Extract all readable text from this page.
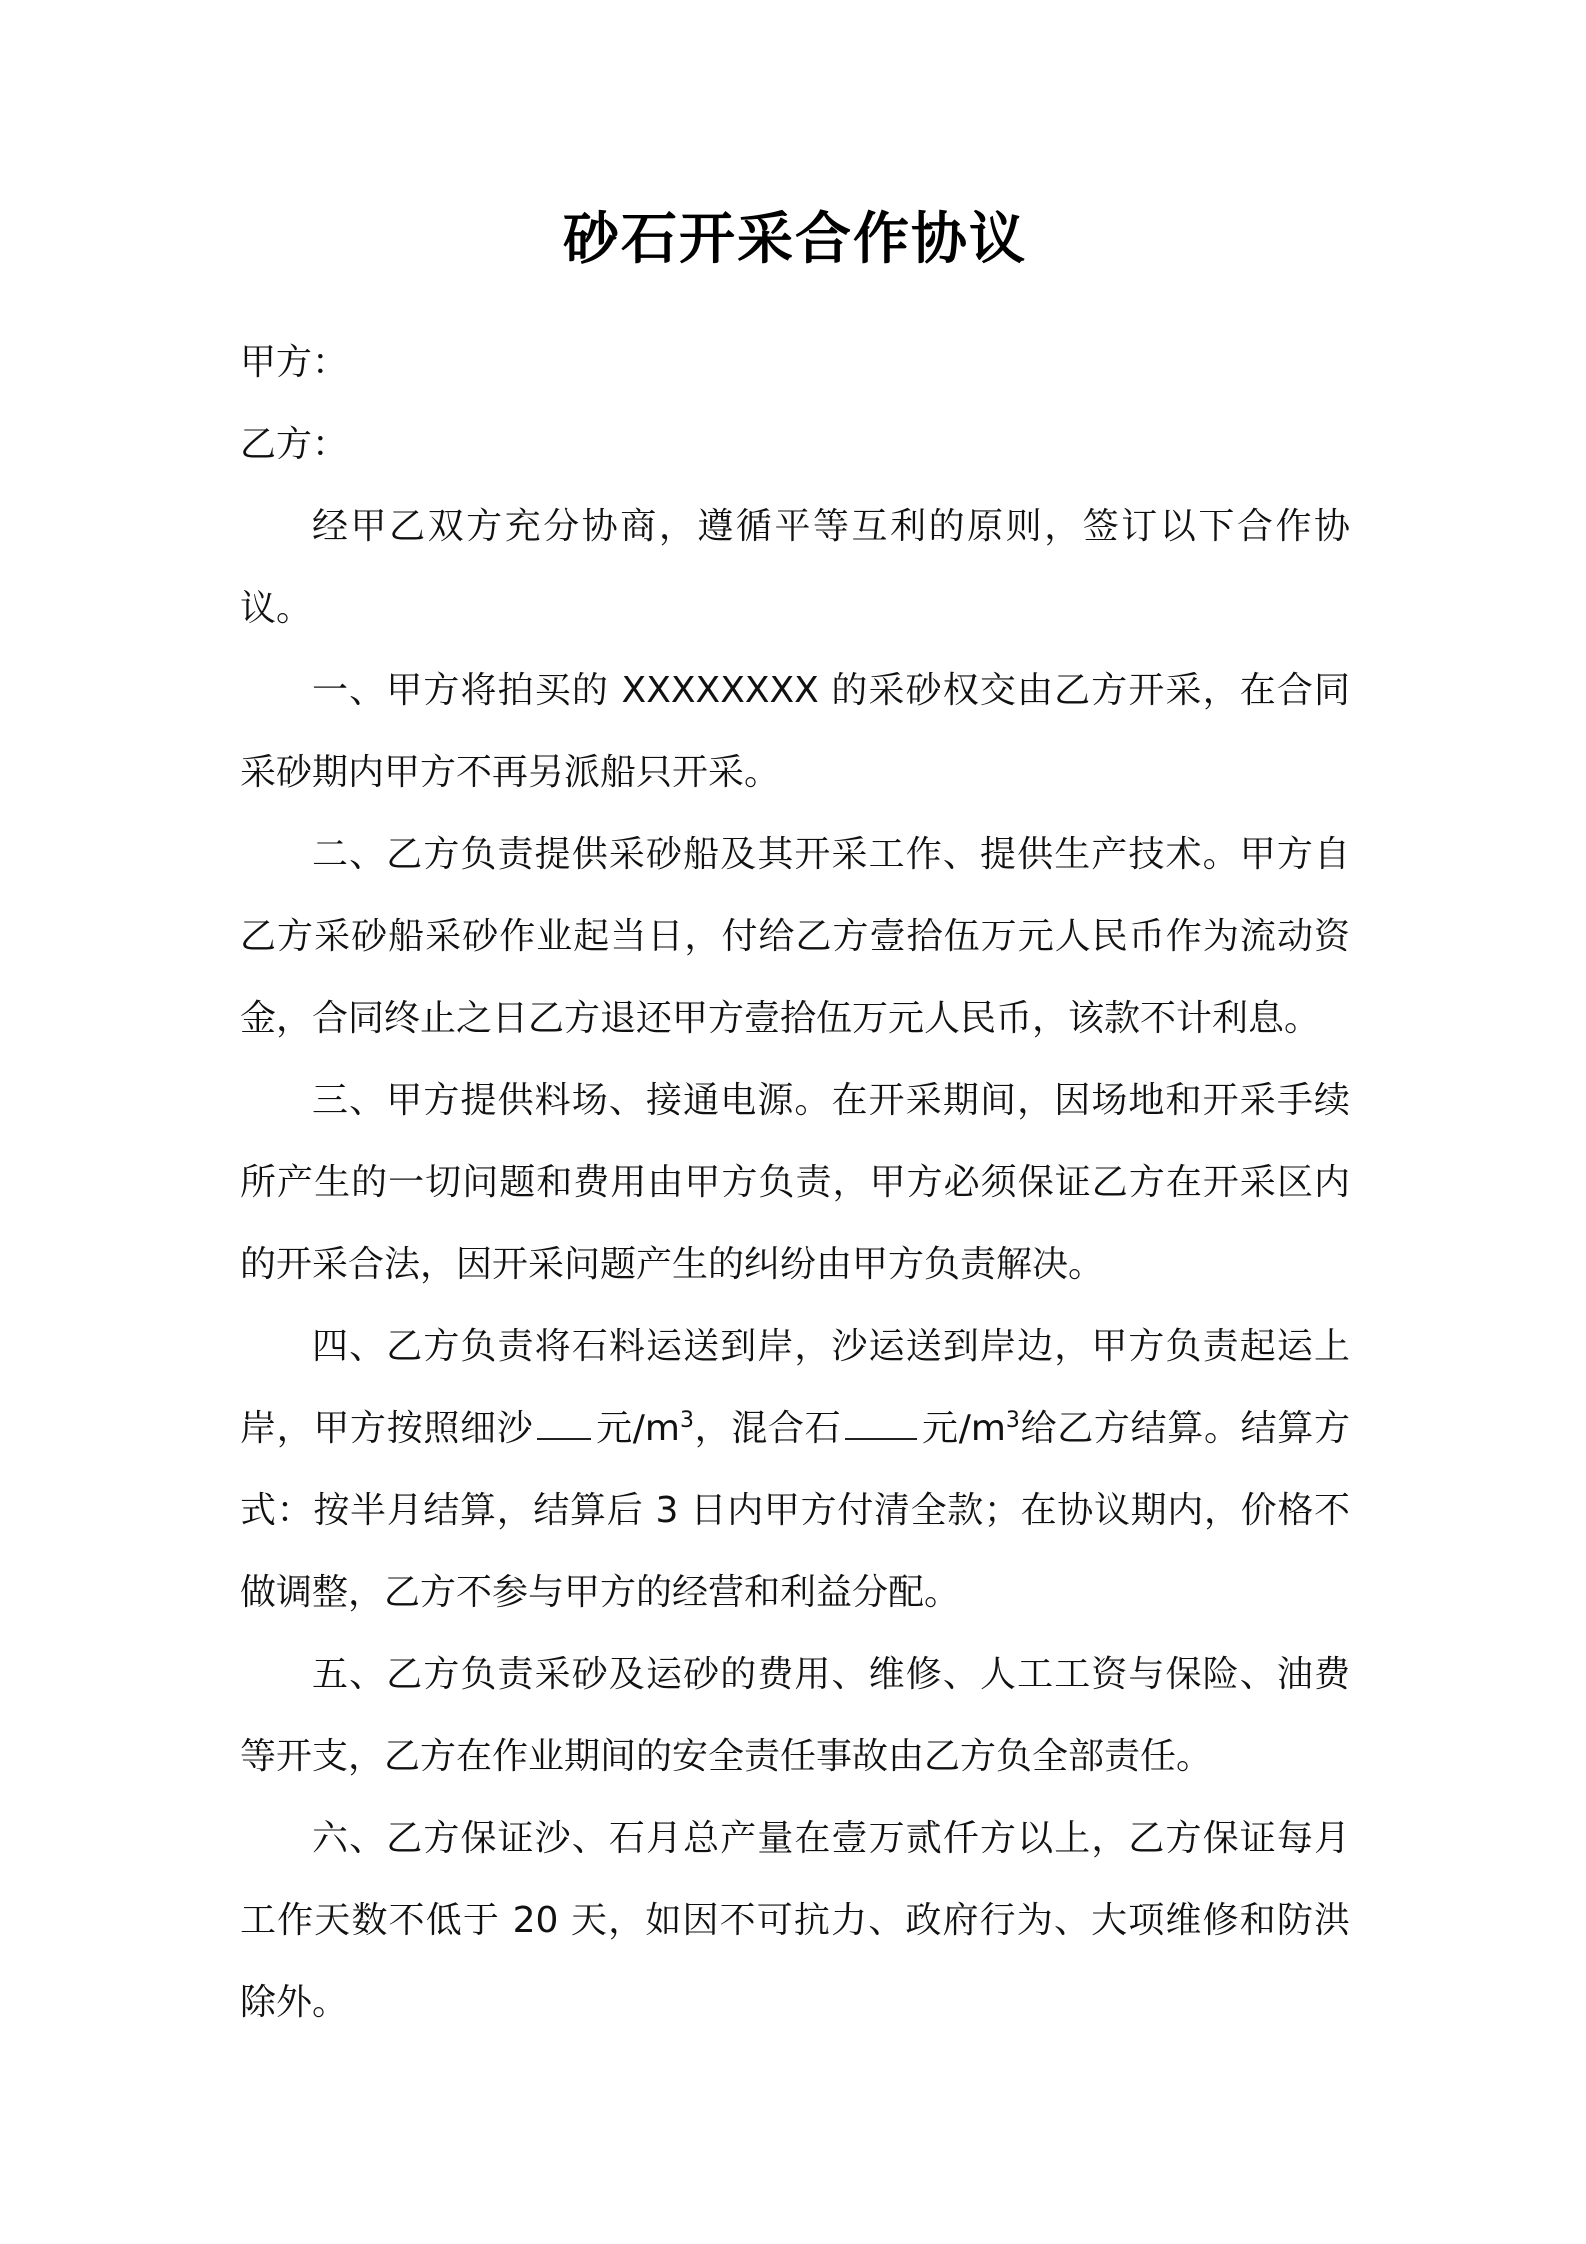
砂石开采合作协议

甲方：

乙方：

经甲乙双方充分协商，遵循平等互利的原则，签订以下合作协议。

一、甲方将拍买的 XXXXXXXX 的采砂权交由乙方开采，在合同采砂期内甲方不再另派船只开采。

二、乙方负责提供采砂船及其开采工作、提供生产技术。甲方自乙方采砂船采砂作业起当日，付给乙方壹拾伍万元人民币作为流动资金，合同终止之日乙方退还甲方壹拾伍万元人民币，该款不计利息。

三、甲方提供料场、接通电源。在开采期间，因场地和开采手续所产生的一切问题和费用由甲方负责，甲方必须保证乙方在开采区内的开采合法，因开采问题产生的纠纷由甲方负责解决。

四、乙方负责将石料运送到岸，沙运送到岸边，甲方负责起运上岸，甲方按照细沙 元$/m^3$，混合石 元$/m^3$给乙方结算。结算方式：按半月结算，结算后 3 日内甲方付清全款；在协议期内，价格不做调整，乙方不参与甲方的经营和利益分配。

五、乙方负责采砂及运砂的费用、维修、人工工资与保险、油费等开支，乙方在作业期间的安全责任事故由乙方负全部责任。

六、乙方保证沙、石月总产量在壹万贰仟方以上，乙方保证每月工作天数不低于 20 天，如因不可抗力、政府行为、大项维修和防洪除外。
